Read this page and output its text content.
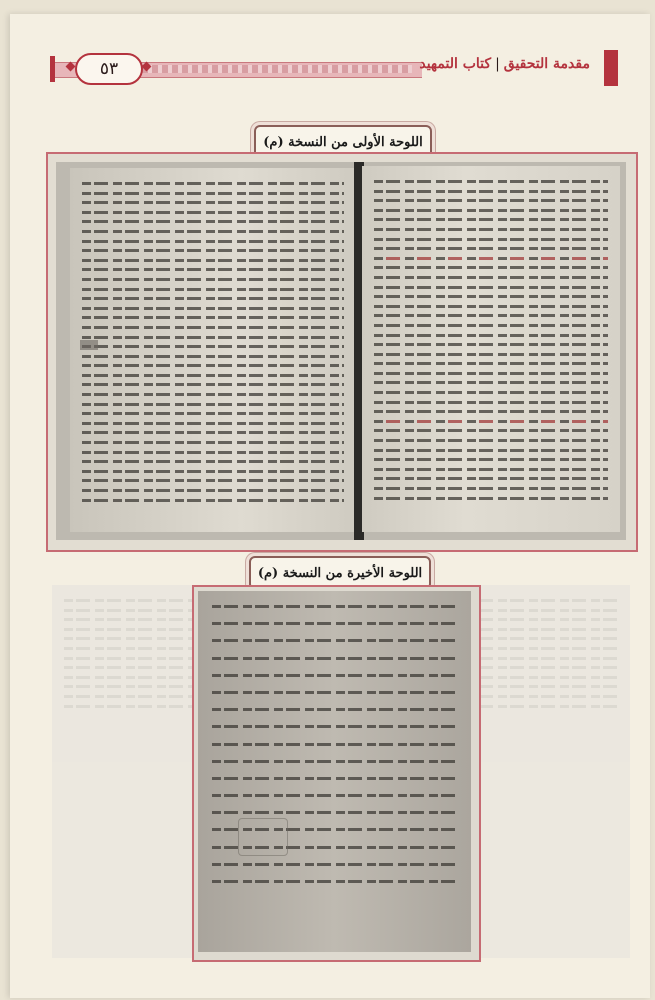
٥٣	مقدمة التحقيق|كتاب التمهيد
اللوحة الأولى من النسخة (م)
اللوحة الأخيرة من النسخة (م)
